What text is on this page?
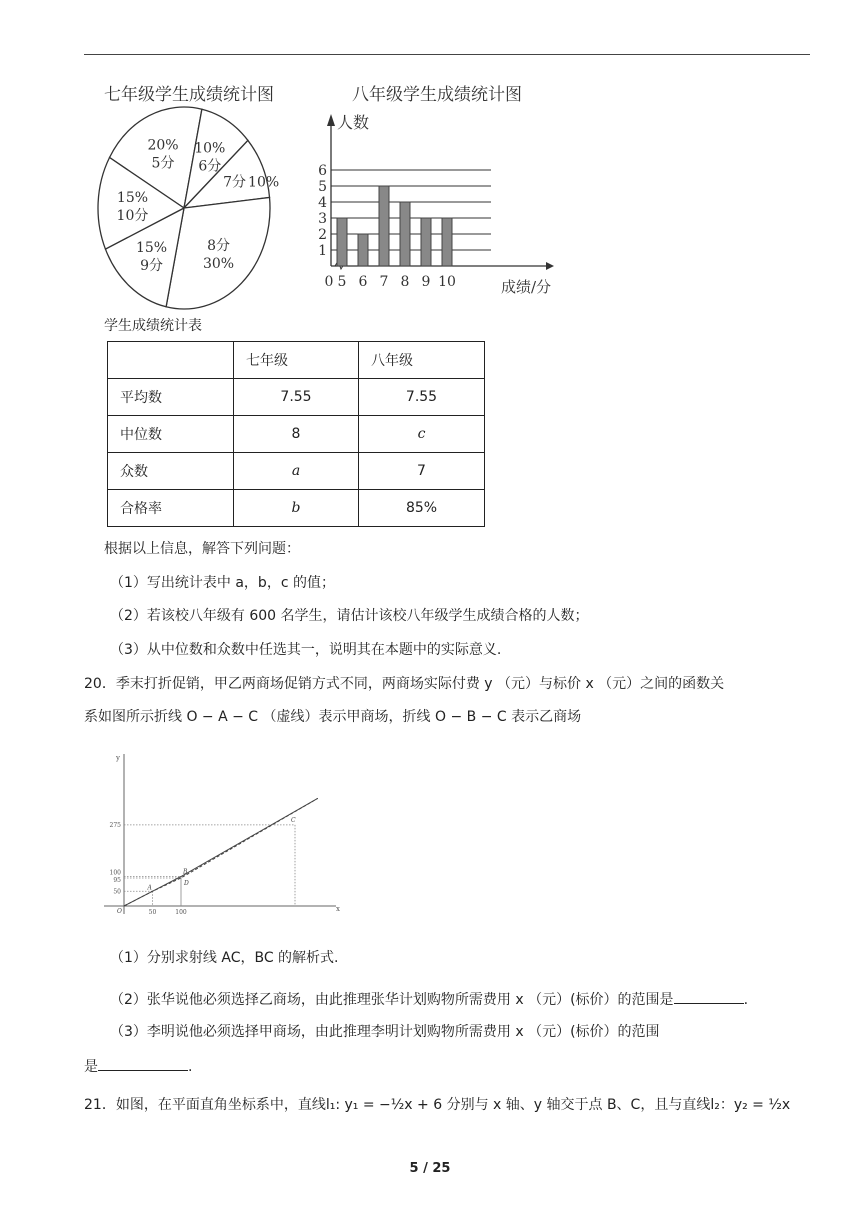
七年级学生成绩统计图	八年级学生成绩统计图
20%
5分
10%
6分
7分 10%
8分
30%
15%
9分
15%
10分
1
2
3
4
5
6
人数
成绩/分
0 5 6 7 8 9 10
学生成绩统计表
	七年级	八年级
平均数	7.55	7.55
中位数	8	c
众数	a	7
合格率	b	85%
根据以上信息，解答下列问题：
（1）写出统计表中 a，b，c 的值；
（2）若该校八年级有 600 名学生，请估计该校八年级学生成绩合格的人数；
（3）从中位数和众数中任选其一，说明其在本题中的实际意义.
20．季末打折促销，甲乙两商场促销方式不同，两商场实际付费 y （元）与标价 x （元）之间的函数关
系如图所示折线 O − A − C （虚线）表示甲商场，折线 O − B − C 表示乙商场
x
y
50	100
50
95
100
275
O
A
B
D
C
（1）分别求射线 AC，BC 的解析式.
（2）张华说他必须选择乙商场，由此推理张华计划购物所需费用 x （元）(标价）的范围是	.
（3）李明说他必须选择甲商场，由此推理李明计划购物所需费用 x （元）(标价）的范围
是	.
21．如图，在平面直角坐标系中，直线l₁: y₁ = −½x + 6 分别与 x 轴、y 轴交于点 B、C，且与直线l₂：y₂ = ½x
5 / 25
